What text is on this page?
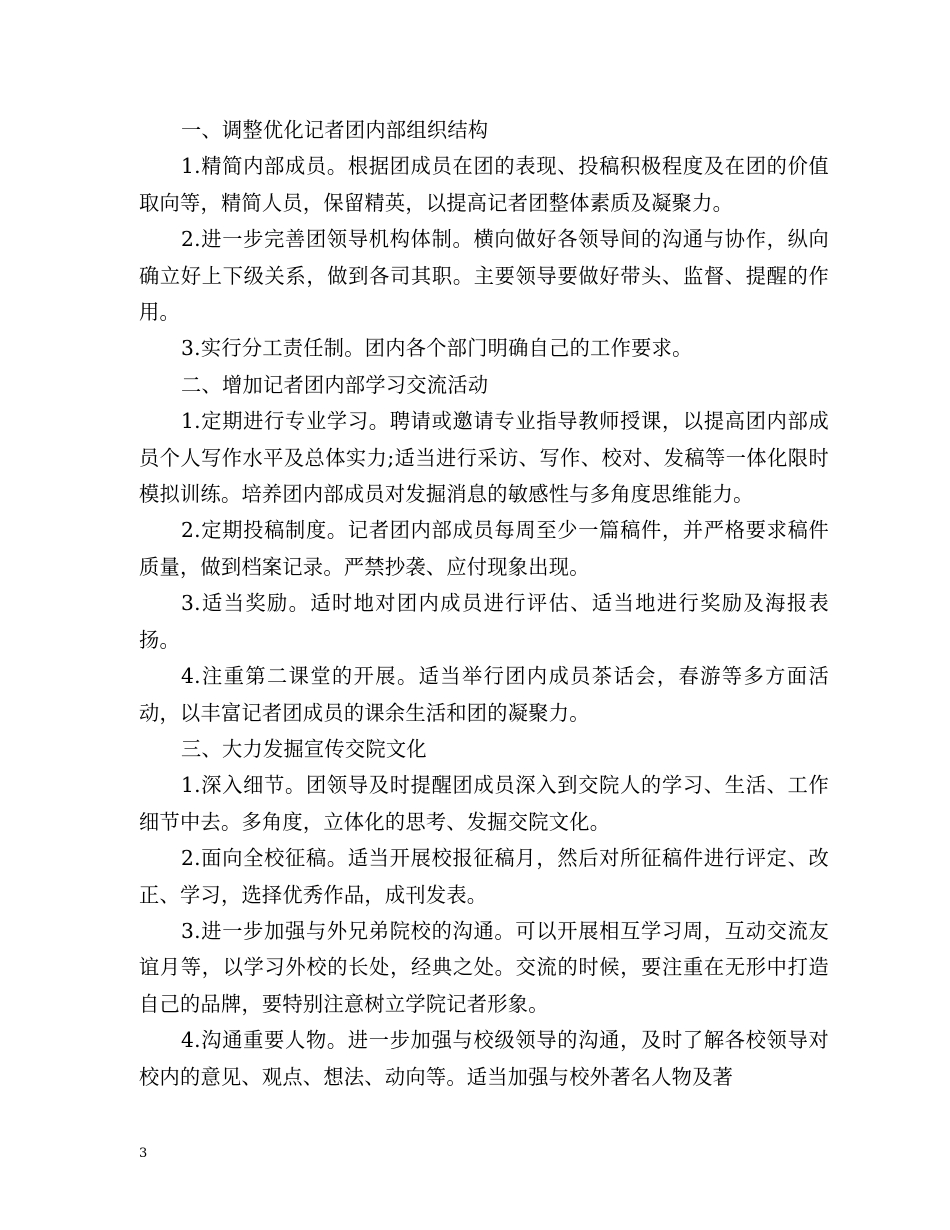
一、调整优化记者团内部组织结构

1.精简内部成员。根据团成员在团的表现、投稿积极程度及在团的价值取向等，精简人员，保留精英，以提高记者团整体素质及凝聚力。

2.进一步完善团领导机构体制。横向做好各领导间的沟通与协作，纵向确立好上下级关系，做到各司其职。主要领导要做好带头、监督、提醒的作用。

3.实行分工责任制。团内各个部门明确自己的工作要求。

二、增加记者团内部学习交流活动

1.定期进行专业学习。聘请或邀请专业指导教师授课，以提高团内部成员个人写作水平及总体实力;适当进行采访、写作、校对、发稿等一体化限时模拟训练。培养团内部成员对发掘消息的敏感性与多角度思维能力。

2.定期投稿制度。记者团内部成员每周至少一篇稿件，并严格要求稿件质量，做到档案记录。严禁抄袭、应付现象出现。

3.适当奖励。适时地对团内成员进行评估、适当地进行奖励及海报表扬。

4.注重第二课堂的开展。适当举行团内成员茶话会，春游等多方面活动，以丰富记者团成员的课余生活和团的凝聚力。

三、大力发掘宣传交院文化

1.深入细节。团领导及时提醒团成员深入到交院人的学习、生活、工作细节中去。多角度，立体化的思考、发掘交院文化。

2.面向全校征稿。适当开展校报征稿月，然后对所征稿件进行评定、改正、学习，选择优秀作品，成刊发表。

3.进一步加强与外兄弟院校的沟通。可以开展相互学习周，互动交流友谊月等，以学习外校的长处，经典之处。交流的时候，要注重在无形中打造自己的品牌，要特别注意树立学院记者形象。

4.沟通重要人物。进一步加强与校级领导的沟通，及时了解各校领导对校内的意见、观点、想法、动向等。适当加强与校外著名人物及著

3
